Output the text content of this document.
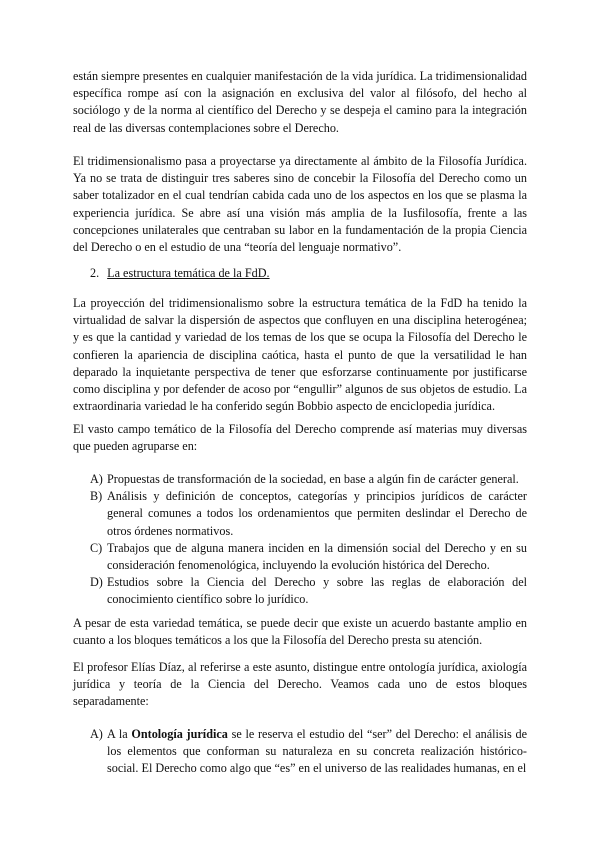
están siempre presentes en cualquier manifestación de la vida jurídica. La tridimensionalidad específica rompe así con la asignación en exclusiva del valor al filósofo, del hecho al sociólogo y de la norma al científico del Derecho y se despeja el camino para la integración real de las diversas contemplaciones sobre el Derecho.

El tridimensionalismo pasa a proyectarse ya directamente al ámbito de la Filosofía Jurídica. Ya no se trata de distinguir tres saberes sino de concebir la Filosofía del Derecho como un saber totalizador en el cual tendrían cabida cada uno de los aspectos en los que se plasma la experiencia jurídica. Se abre así una visión más amplia de la Iusfilosofía, frente a las concepciones unilaterales que centraban su labor en la fundamentación de la propia Ciencia del Derecho o en el estudio de una “teoría del lenguaje normativo”.

2. La estructura temática de la FdD.

La proyección del tridimensionalismo sobre la estructura temática de la FdD ha tenido la virtualidad de salvar la dispersión de aspectos que confluyen en una disciplina heterogénea; y es que la cantidad y variedad de los temas de los que se ocupa la Filosofía del Derecho le confieren la apariencia de disciplina caótica, hasta el punto de que la versatilidad le han deparado la inquietante perspectiva de tener que esforzarse continuamente por justificarse como disciplina y por defender de acoso por “engullir” algunos de sus objetos de estudio. La extraordinaria variedad le ha conferido según Bobbio aspecto de enciclopedia jurídica.

El vasto campo temático de la Filosofía del Derecho comprende así materias muy diversas que pueden agruparse en:

A) Propuestas de transformación de la sociedad, en base a algún fin de carácter general.
B) Análisis y definición de conceptos, categorías y principios jurídicos de carácter general comunes a todos los ordenamientos que permiten deslindar el Derecho de otros órdenes normativos.
C) Trabajos que de alguna manera inciden en la dimensión social del Derecho y en su consideración fenomenológica, incluyendo la evolución histórica del Derecho.
D) Estudios sobre la Ciencia del Derecho y sobre las reglas de elaboración del conocimiento científico sobre lo jurídico.

A pesar de esta variedad temática, se puede decir que existe un acuerdo bastante amplio en cuanto a los bloques temáticos a los que la Filosofía del Derecho presta su atención.

El profesor Elías Díaz, al referirse a este asunto, distingue entre ontología jurídica, axiología jurídica y teoría de la Ciencia del Derecho. Veamos cada uno de estos bloques separadamente:

A) A la Ontología jurídica se le reserva el estudio del “ser” del Derecho: el análisis de los elementos que conforman su naturaleza en su concreta realización histórico-social. El Derecho como algo que “es” en el universo de las realidades humanas, en el
